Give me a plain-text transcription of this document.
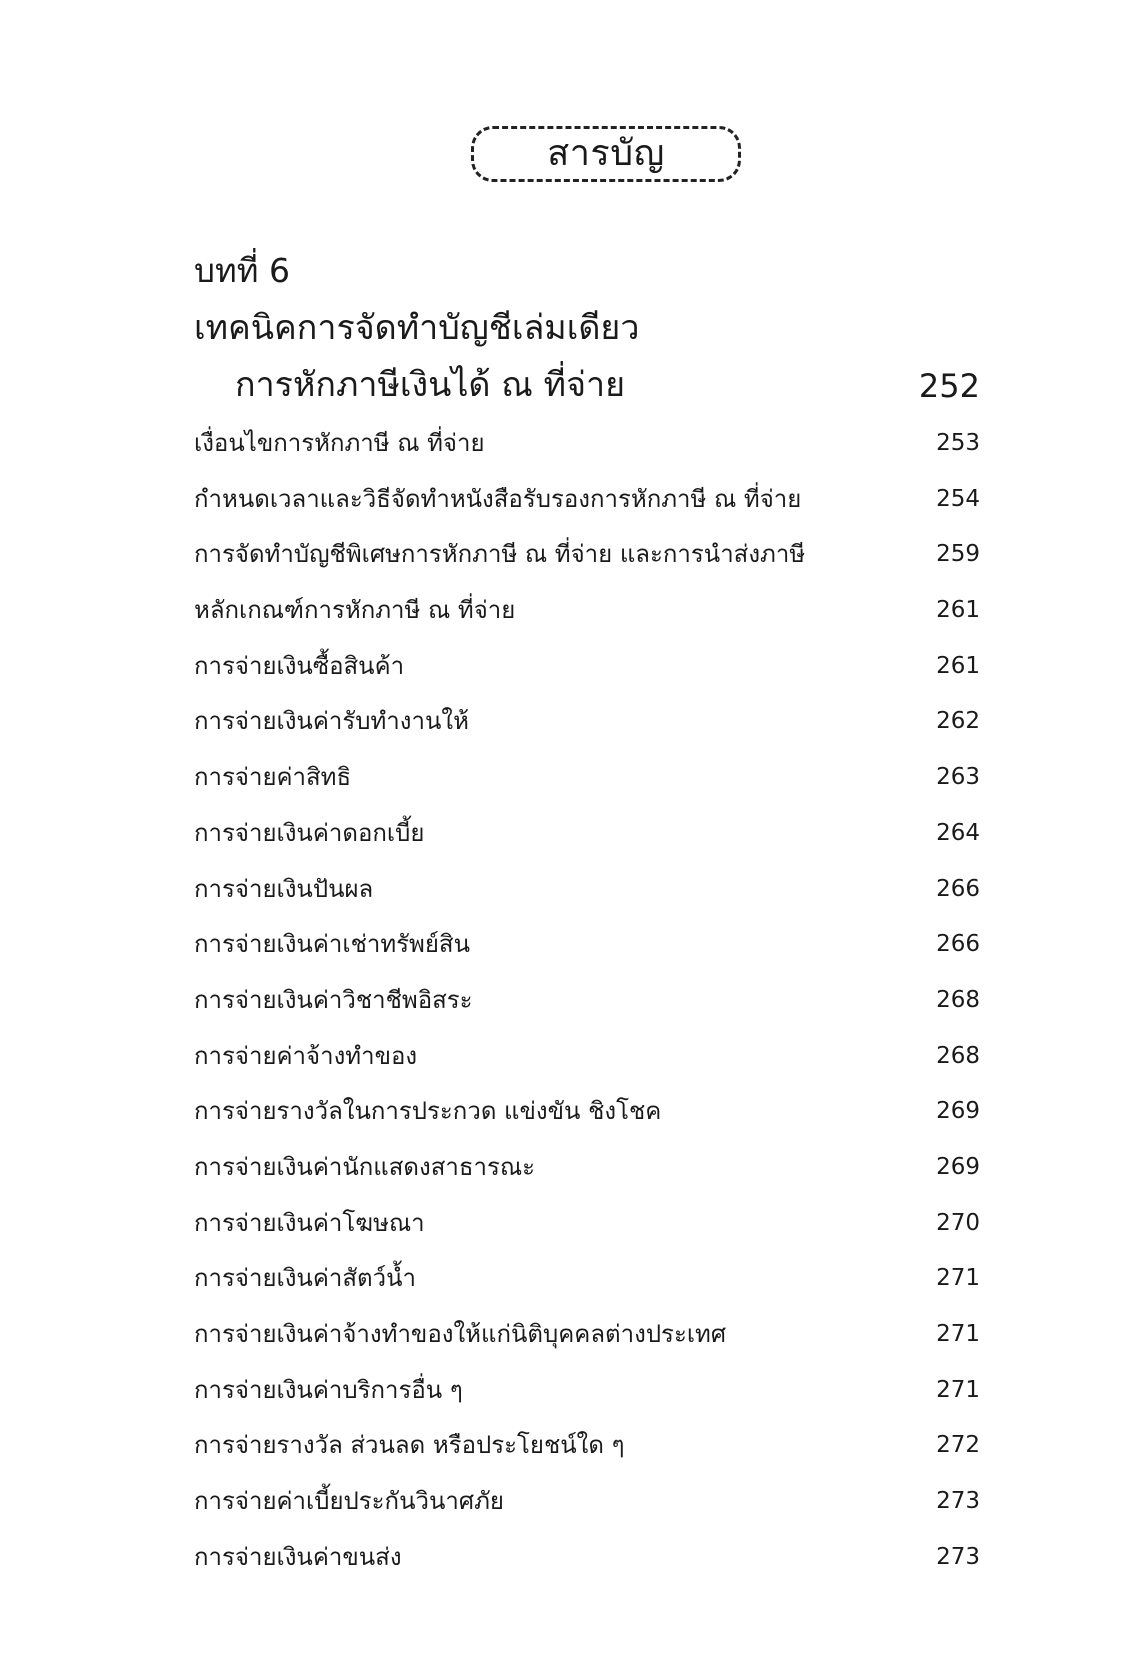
สารบัญ
บทที่ 6
เทคนิคการจัดทำบัญชีเล่มเดียว
การหักภาษีเงินได้ ณ ที่จ่าย	252
เงื่อนไขการหักภาษี ณ ที่จ่าย	253
กำหนดเวลาและวิธีจัดทำหนังสือรับรองการหักภาษี ณ ที่จ่าย	254
การจัดทำบัญชีพิเศษการหักภาษี ณ ที่จ่าย และการนำส่งภาษี	259
หลักเกณฑ์การหักภาษี ณ ที่จ่าย	261
การจ่ายเงินซื้อสินค้า	261
การจ่ายเงินค่ารับทำงานให้	262
การจ่ายค่าสิทธิ	263
การจ่ายเงินค่าดอกเบี้ย	264
การจ่ายเงินปันผล	266
การจ่ายเงินค่าเช่าทรัพย์สิน	266
การจ่ายเงินค่าวิชาชีพอิสระ	268
การจ่ายค่าจ้างทำของ	268
การจ่ายรางวัลในการประกวด แข่งขัน ชิงโชค	269
การจ่ายเงินค่านักแสดงสาธารณะ	269
การจ่ายเงินค่าโฆษณา	270
การจ่ายเงินค่าสัตว์น้ำ	271
การจ่ายเงินค่าจ้างทำของให้แก่นิติบุคคลต่างประเทศ	271
การจ่ายเงินค่าบริการอื่น ๆ	271
การจ่ายรางวัล ส่วนลด หรือประโยชน์ใด ๆ	272
การจ่ายค่าเบี้ยประกันวินาศภัย	273
การจ่ายเงินค่าขนส่ง	273
